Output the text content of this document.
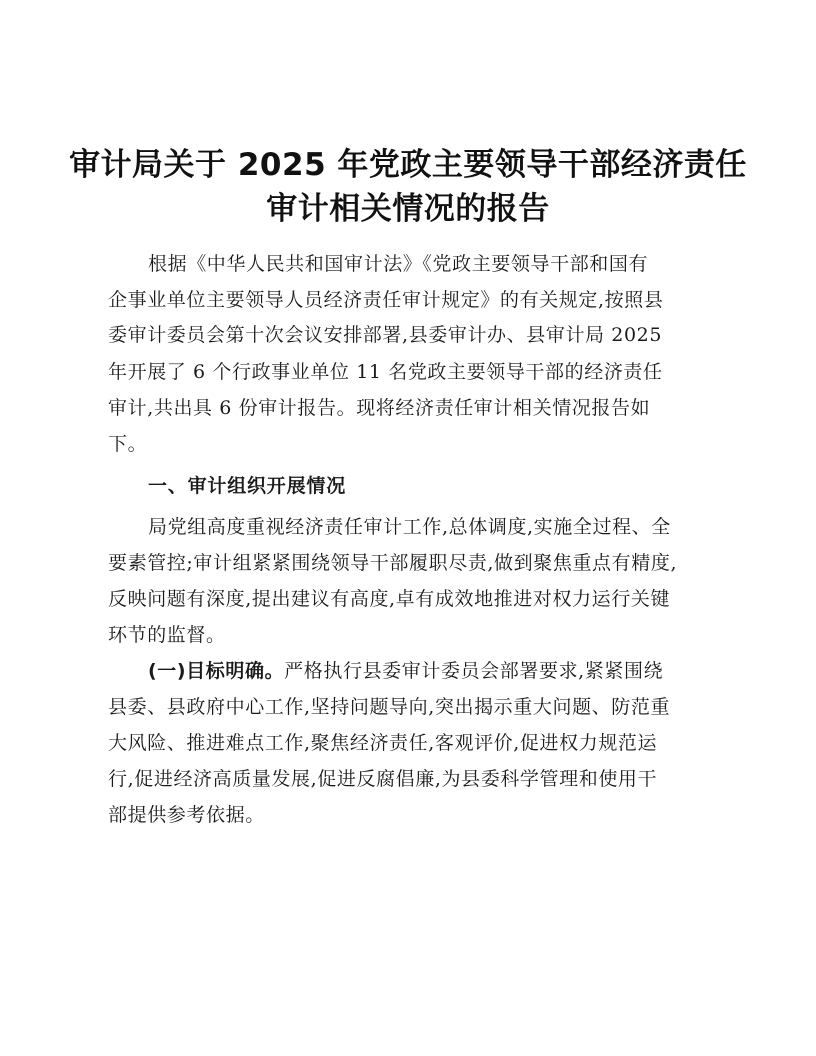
审计局关于 2025 年党政主要领导干部经济责任
审计相关情况的报告
根据《中华人民共和国审计法》《党政主要领导干部和国有
企事业单位主要领导人员经济责任审计规定》的有关规定,按照县
委审计委员会第十次会议安排部署,县委审计办、县审计局 2025
年开展了 6 个行政事业单位 11 名党政主要领导干部的经济责任
审计,共出具 6 份审计报告。现将经济责任审计相关情况报告如
下。
一、审计组织开展情况
局党组高度重视经济责任审计工作,总体调度,实施全过程、全
要素管控;审计组紧紧围绕领导干部履职尽责,做到聚焦重点有精度,
反映问题有深度,提出建议有高度,卓有成效地推进对权力运行关键
环节的监督。
(一)目标明确。严格执行县委审计委员会部署要求,紧紧围绕
县委、县政府中心工作,坚持问题导向,突出揭示重大问题、防范重
大风险、推进难点工作,聚焦经济责任,客观评价,促进权力规范运
行,促进经济高质量发展,促进反腐倡廉,为县委科学管理和使用干
部提供参考依据。
